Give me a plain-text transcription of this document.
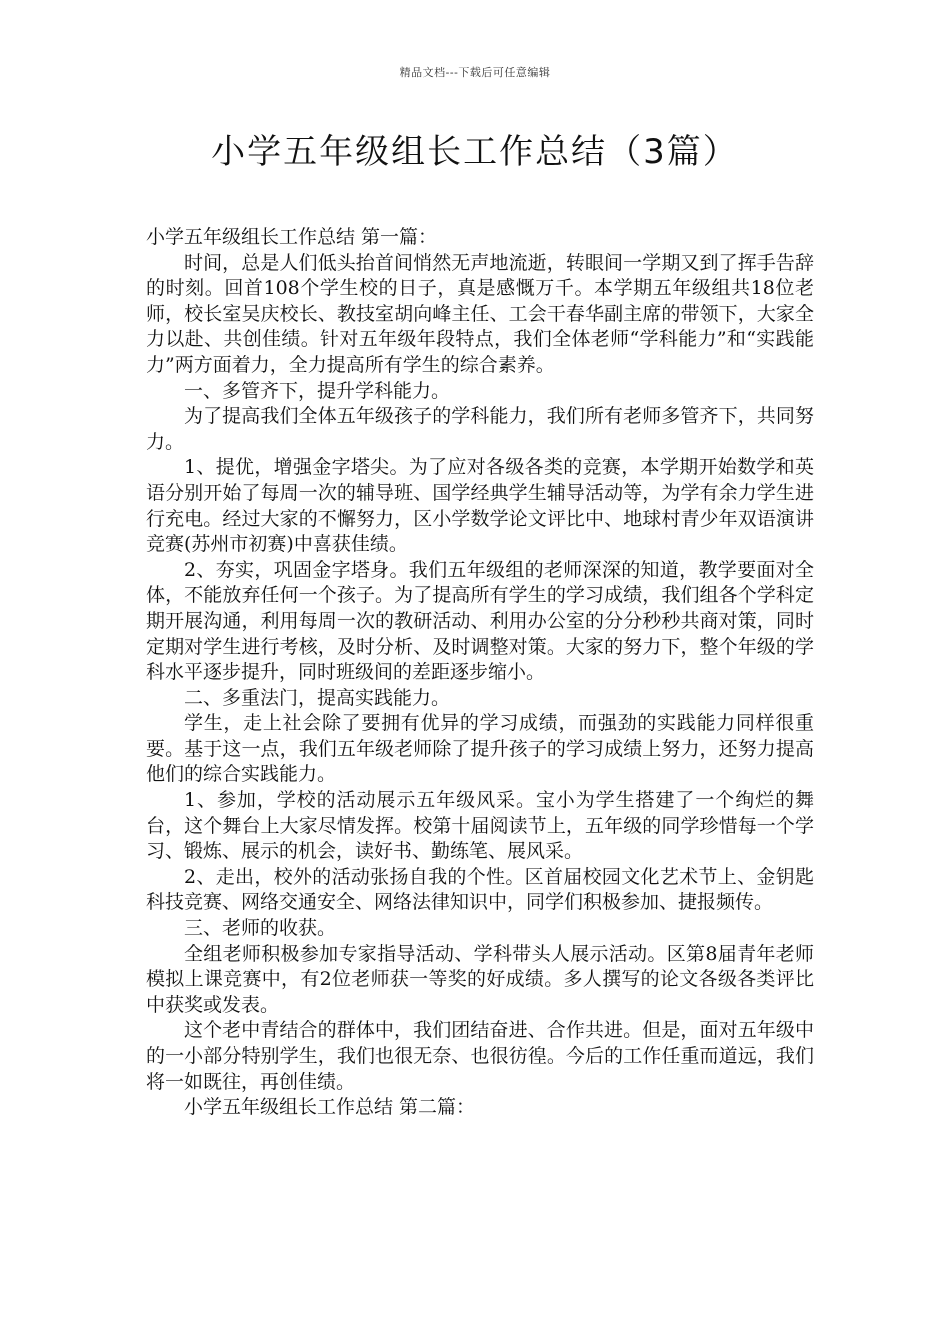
精品文档---下载后可任意编辑
小学五年级组长工作总结（3篇）

小学五年级组长工作总结 第一篇：

时间，总是人们低头抬首间悄然无声地流逝，转眼间一学期又到了挥手告辞的时刻。回首108个学生校的日子，真是感慨万千。本学期五年级组共18位老师，校长室吴庆校长、教技室胡向峰主任、工会干春华副主席的带领下，大家全力以赴、共创佳绩。针对五年级年段特点，我们全体老师“学科能力”和“实践能力”两方面着力，全力提高所有学生的综合素养。

一、多管齐下，提升学科能力。

为了提高我们全体五年级孩子的学科能力，我们所有老师多管齐下，共同努力。

1、提优，增强金字塔尖。为了应对各级各类的竞赛，本学期开始数学和英语分别开始了每周一次的辅导班、国学经典学生辅导活动等，为学有余力学生进行充电。经过大家的不懈努力，区小学数学论文评比中、地球村青少年双语演讲竞赛(苏州市初赛)中喜获佳绩。

2、夯实，巩固金字塔身。我们五年级组的老师深深的知道，教学要面对全体，不能放弃任何一个孩子。为了提高所有学生的学习成绩，我们组各个学科定期开展沟通，利用每周一次的教研活动、利用办公室的分分秒秒共商对策，同时定期对学生进行考核，及时分析、及时调整对策。大家的努力下，整个年级的学科水平逐步提升，同时班级间的差距逐步缩小。

二、多重法门，提高实践能力。

学生，走上社会除了要拥有优异的学习成绩，而强劲的实践能力同样很重要。基于这一点，我们五年级老师除了提升孩子的学习成绩上努力，还努力提高他们的综合实践能力。

1、参加，学校的活动展示五年级风采。宝小为学生搭建了一个绚烂的舞台，这个舞台上大家尽情发挥。校第十届阅读节上，五年级的同学珍惜每一个学习、锻炼、展示的机会，读好书、勤练笔、展风采。

2、走出，校外的活动张扬自我的个性。区首届校园文化艺术节上、金钥匙科技竞赛、网络交通安全、网络法律知识中，同学们积极参加、捷报频传。

三、老师的收获。

全组老师积极参加专家指导活动、学科带头人展示活动。区第8届青年老师模拟上课竞赛中，有2位老师获一等奖的好成绩。多人撰写的论文各级各类评比中获奖或发表。

这个老中青结合的群体中，我们团结奋进、合作共进。但是，面对五年级中的一小部分特别学生，我们也很无奈、也很彷徨。今后的工作任重而道远，我们将一如既往，再创佳绩。

小学五年级组长工作总结 第二篇：
